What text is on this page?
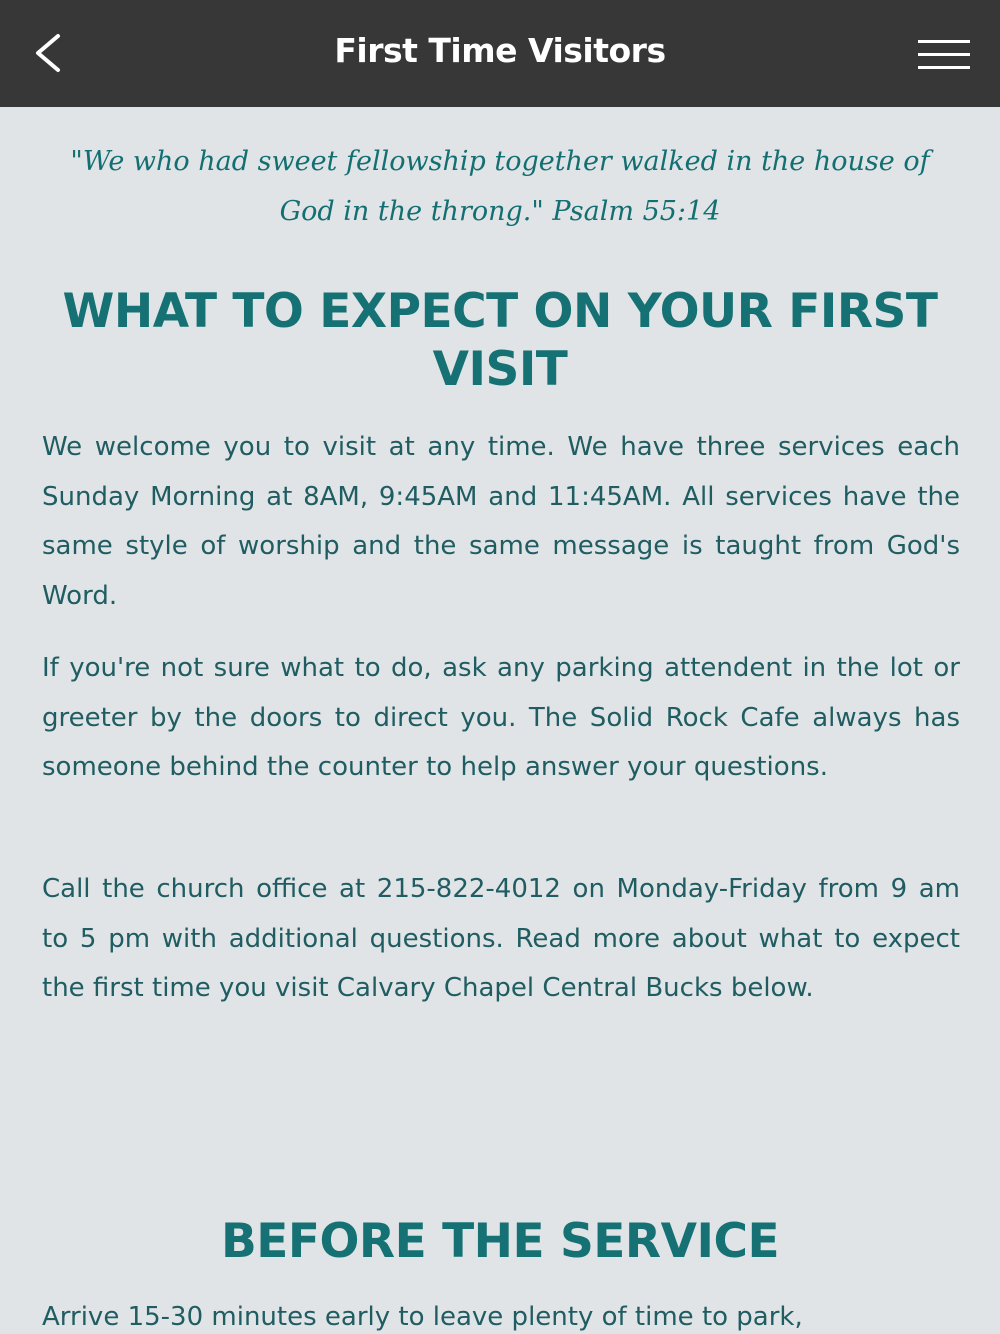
First Time Visitors

"We who had sweet fellowship together walked in the house of God in the throng." Psalm 55:14

WHAT TO EXPECT ON YOUR FIRST VISIT

We welcome you to visit at any time. We have three services each Sunday Morning at 8AM, 9:45AM and 11:45AM. All services have the same style of worship and the same message is taught from God's Word.

If you're not sure what to do, ask any parking attendent in the lot or greeter by the doors to direct you. The Solid Rock Cafe always has someone behind the counter to help answer your questions.

Call the church office at 215-822-4012 on Monday-Friday from 9 am to 5 pm with additional questions. Read more about what to expect the first time you visit Calvary Chapel Central Bucks below.

BEFORE THE SERVICE

Arrive 15-30 minutes early to leave plenty of time to park,
